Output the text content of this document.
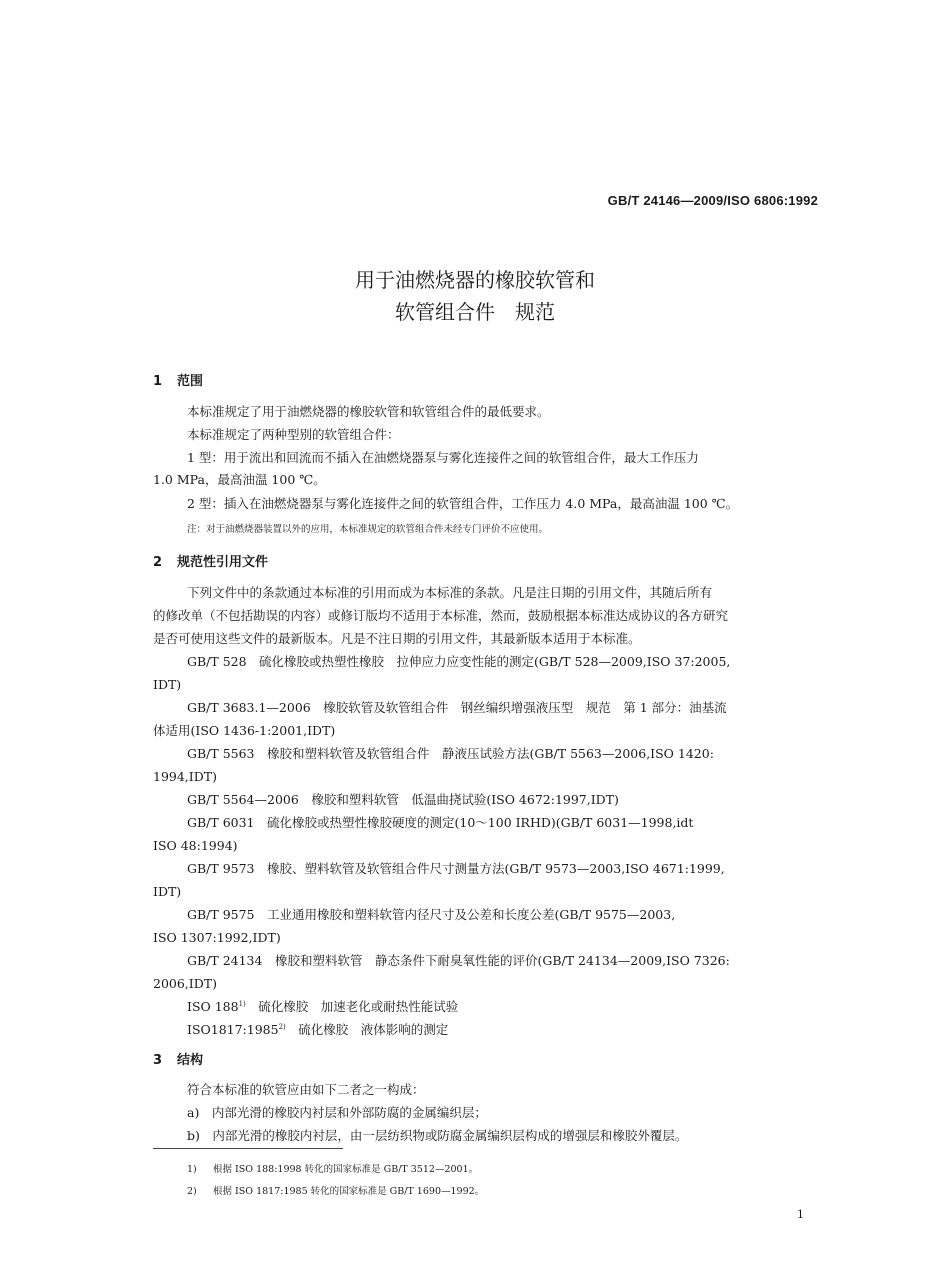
GB/T 24146—2009/ISO 6806:1992
用于油燃烧器的橡胶软管和
软管组合件　规范
1 范围
本标准规定了用于油燃烧器的橡胶软管和软管组合件的最低要求。
本标准规定了两种型别的软管组合件：
1 型：用于流出和回流而不插入在油燃烧器泵与雾化连接件之间的软管组合件，最大工作压力
1.0 MPa，最高油温 100 ℃。
2 型：插入在油燃烧器泵与雾化连接件之间的软管组合件，工作压力 4.0 MPa，最高油温 100 ℃。
注：对于油燃烧器装置以外的应用，本标准规定的软管组合件未经专门评价不应使用。
2 规范性引用文件
下列文件中的条款通过本标准的引用而成为本标准的条款。凡是注日期的引用文件，其随后所有
的修改单（不包括勘误的内容）或修订版均不适用于本标准，然而，鼓励根据本标准达成协议的各方研究
是否可使用这些文件的最新版本。凡是不注日期的引用文件，其最新版本适用于本标准。
GB/T 528　硫化橡胶或热塑性橡胶　拉伸应力应变性能的测定(GB/T 528—2009,ISO 37:2005,
IDT)
GB/T 3683.1—2006　橡胶软管及软管组合件　钢丝编织增强液压型　规范　第 1 部分：油基流
体适用(ISO 1436-1:2001,IDT)
GB/T 5563　橡胶和塑料软管及软管组合件　静液压试验方法(GB/T 5563—2006,ISO 1420:
1994,IDT)
GB/T 5564—2006　橡胶和塑料软管　低温曲挠试验(ISO 4672:1997,IDT)
GB/T 6031　硫化橡胶或热塑性橡胶硬度的测定(10～100 IRHD)(GB/T 6031—1998,idt
ISO 48:1994)
GB/T 9573　橡胶、塑料软管及软管组合件尺寸测量方法(GB/T 9573—2003,ISO 4671:1999,
IDT)
GB/T 9575　工业通用橡胶和塑料软管内径尺寸及公差和长度公差(GB/T 9575—2003,
ISO 1307:1992,IDT)
GB/T 24134　橡胶和塑料软管　静态条件下耐臭氧性能的评价(GB/T 24134—2009,ISO 7326:
2006,IDT)
ISO 188$^{1)}$　硫化橡胶　加速老化或耐热性能试验
ISO1817:1985$^{2)}$　硫化橡胶　液体影响的测定
3 结构
符合本标准的软管应由如下二者之一构成：
a)　内部光滑的橡胶内衬层和外部防腐的金属编织层；
b)　内部光滑的橡胶内衬层，由一层纺织物或防腐金属编织层构成的增强层和橡胶外覆层。
1) 根据 ISO 188:1998 转化的国家标准是 GB/T 3512—2001。
2) 根据 ISO 1817:1985 转化的国家标准是 GB/T 1690—1992。
1
